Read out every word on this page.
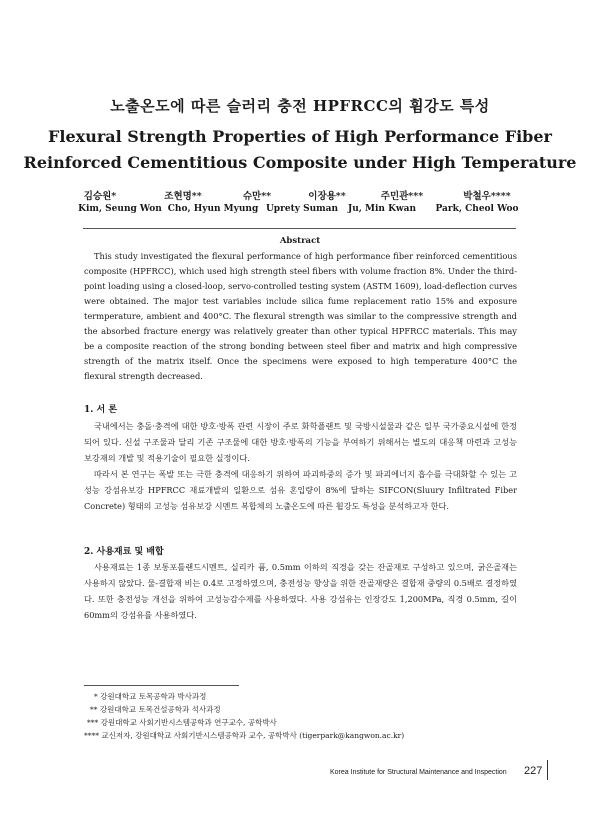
노출온도에 따른 슬러리 충전 HPFRCC의 휨강도 특성
Flexural Strength Properties of High Performance Fiber
Reinforced Cementitious Composite under High Temperature
김승원*	조현명**	슈만**	이장용**	주민관***	박철우****
Kim, Seung Won Cho, Hyun Myung Uprety Suman Ju, Min Kwan Park, Cheol Woo
Abstract
This study investigated the flexural performance of high performance fiber reinforced cementitious composite (HPFRCC), which used high strength steel fibers with volume fraction 8%. Under the third-point loading using a closed-loop, servo-controlled testing system (ASTM 1609), load-deflection curves were obtained. The major test variables include silica fume replacement ratio 15% and exposure termperature, ambient and 400°C. The flexural strength was similar to the compressive strength and the absorbed fracture energy was relatively greater than other typical HPFRCC materials. This may be a composite reaction of the strong bonding between steel fiber and matrix and high compressive strength of the matrix itself. Once the specimens were exposed to high temperature 400°C the flexural strength decreased.
1. 서 론

국내에서는 충돌·충격에 대한 방호·방폭 관련 시장이 주로 화학플랜트 및 국방시설물과 같은 일부 국가중요시설에 한정되어 있다. 신설 구조물과 달리 기존 구조물에 대한 방호·방폭의 기능을 부여하기 위해서는 별도의 대응책 마련과 고성능 보강재의 개발 및 적용기술이 필요한 실정이다.

따라서 본 연구는 폭발 또는 극한 충격에 대응하기 위하여 파괴하중의 증가 및 파괴에너지 흡수를 극대화할 수 있는 고성능 강섬유보강 HPFRCC 재료개발의 일환으로 섬유 혼입량이 8%에 달하는 SIFCON(Sluury Infiltrated Fiber Concrete) 형태의 고성능 섬유보강 시멘트 복합체의 노출온도에 따른 휨강도 특성을 분석하고자 한다.

2. 사용재료 및 배합
사용재료는 1종 보통포틀랜드시멘트, 실리카 퓸, 0.5mm 이하의 직경을 갖는 잔골재로 구성하고 있으며, 굵은골재는 사용하지 않았다. 물-결합재 비는 0.4로 고정하였으며, 충전성능 향상을 위한 잔골재량은 결합재 중량의 0.5배로 결정하였다. 또한 충전성능 개선을 위하여 고성능감수제를 사용하였다. 사용 강섬유는 인장강도 1,200MPa, 직경 0.5mm, 길이 60mm의 강섬유를 사용하였다.
* 강원대학교 토목공학과 박사과정
** 강원대학교 토목건설공학과 석사과정
*** 강원대학교 사회기반시스템공학과 연구교수, 공학박사
**** 교신저자, 강원대학교 사회기반시스템공학과 교수, 공학박사 (tigerpark@kangwon.ac.kr)
Korea Institute for Structural Maintenance and Inspection 227
